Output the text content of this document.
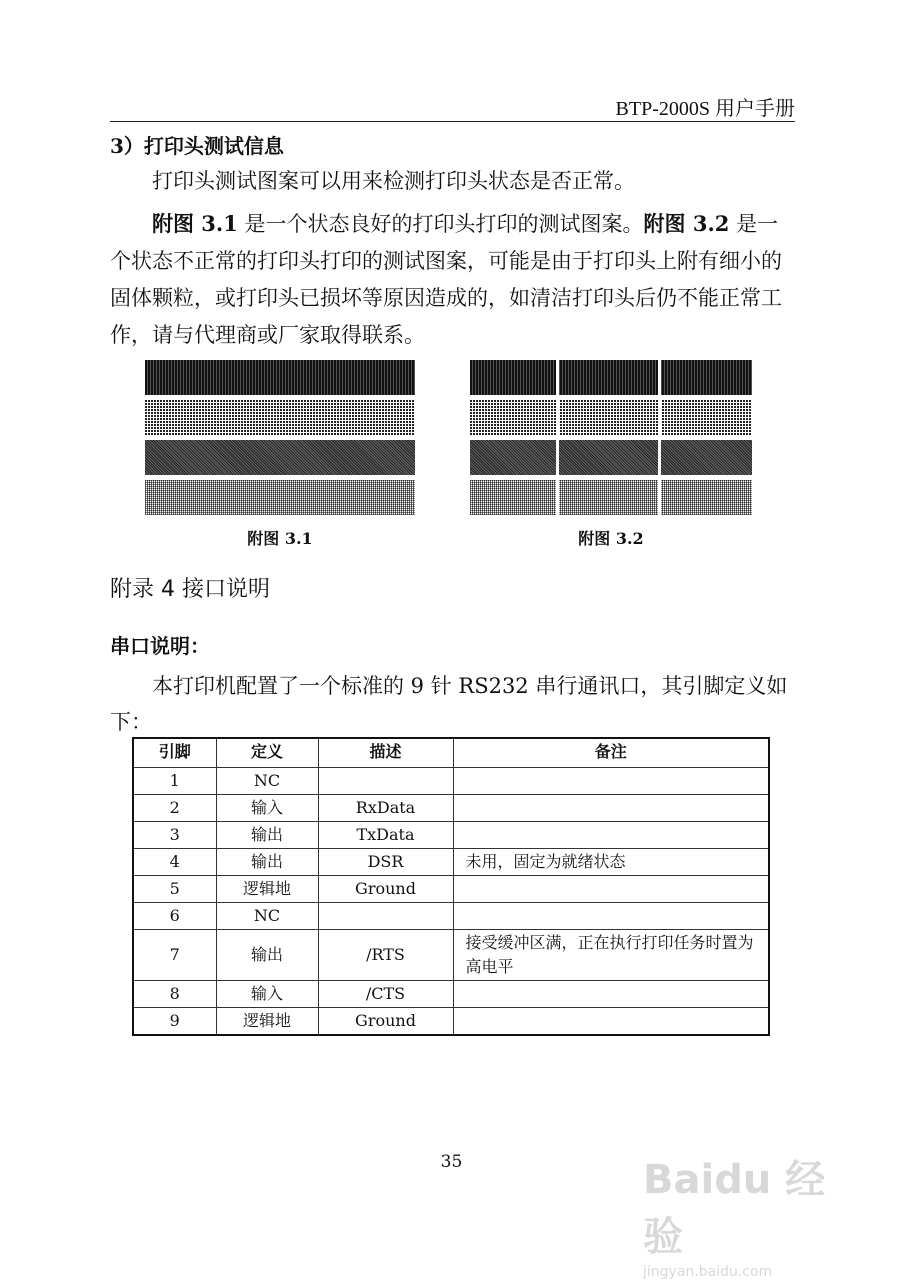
BTP-2000S 用户手册
3）打印头测试信息
打印头测试图案可以用来检测打印头状态是否正常。
附图 3.1 是一个状态良好的打印头打印的测试图案。附图 3.2 是一个状态不正常的打印头打印的测试图案，可能是由于打印头上附有细小的固体颗粒，或打印头已损坏等原因造成的，如清洁打印头后仍不能正常工作，请与代理商或厂家取得联系。
附图 3.1	附图 3.2
附录 4 接口说明
串口说明：
本打印机配置了一个标准的 9 针 RS232 串行通讯口，其引脚定义如下：
引脚	定义	描述	备注
1	NC		
2	输入	RxData	
3	输出	TxData	
4	输出	DSR	未用，固定为就绪状态
5	逻辑地	Ground	
6	NC		
7	输出	/RTS	接受缓冲区满，正在执行打印任务时置为高电平
8	输入	/CTS	
9	逻辑地	Ground	
35	Baidu 经验
jingyan.baidu.com
